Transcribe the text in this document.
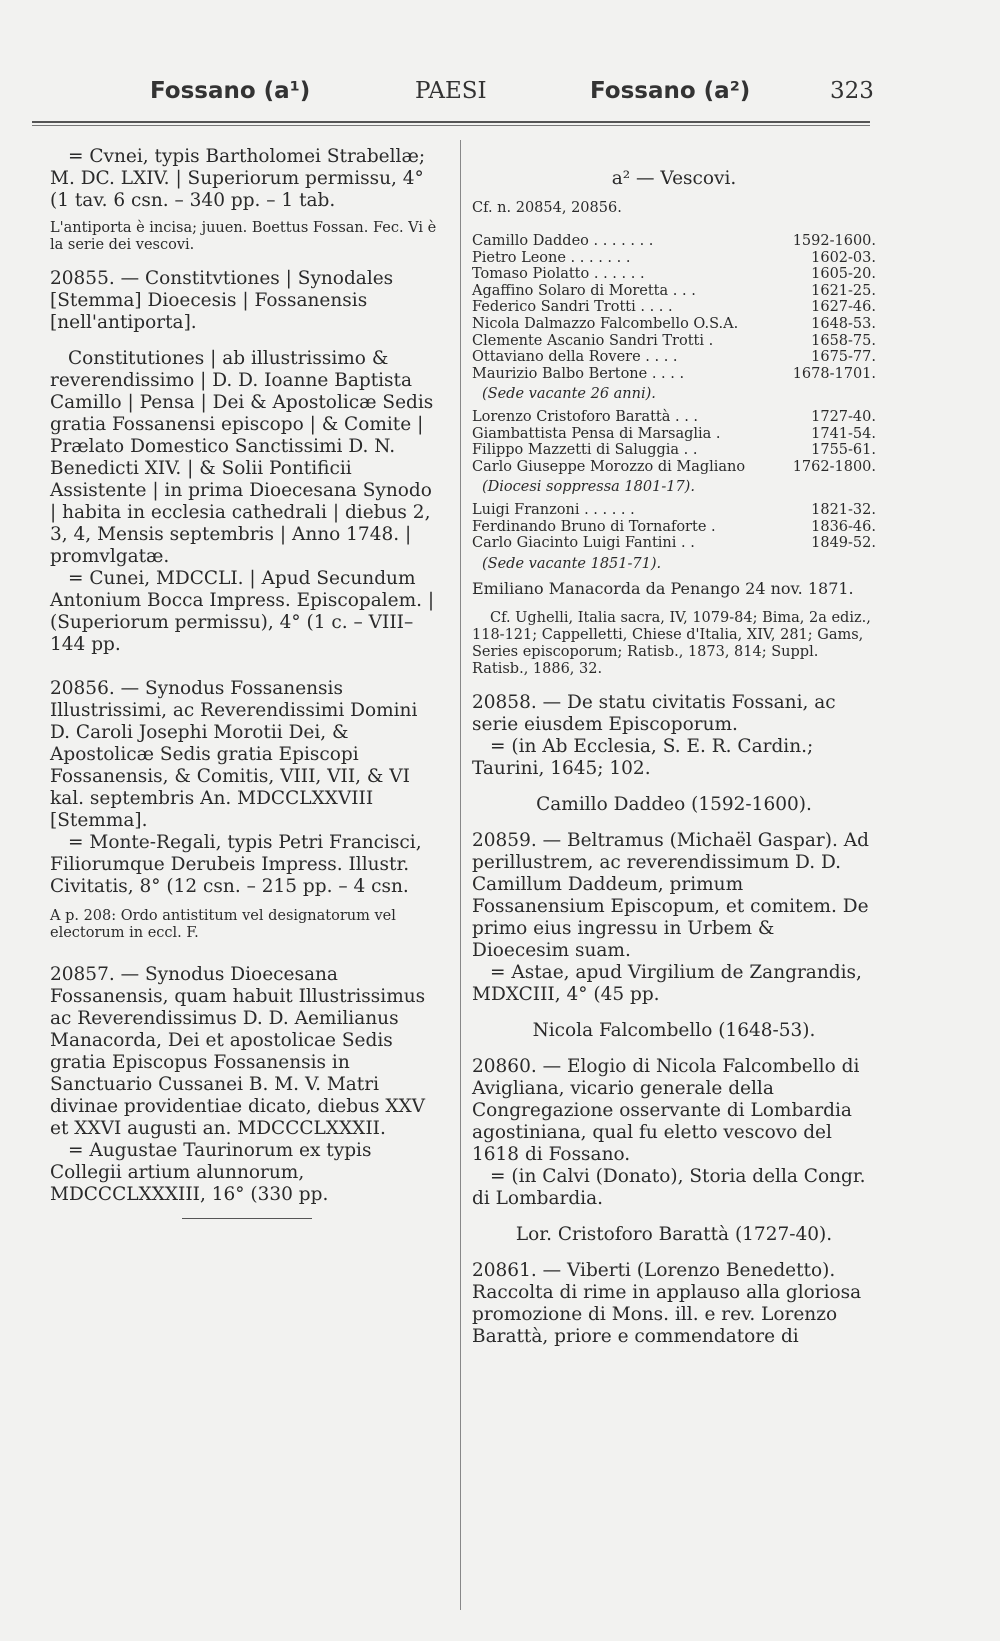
Fossano (a¹)	PAESI	Fossano (a²)	323
= Cvnei, typis Bartholomei Strabellæ; M. DC. LXIV. | Superiorum permissu, 4° (1 tav. 6 csn. – 340 pp. – 1 tab.
L'antiporta è incisa; juuen. Boettus Fossan. Fec. Vi è la serie dei vescovi.
20855. — Constitvtiones | Synodales [Stemma] Dioecesis | Fossanensis [nell'antiporta].
Constitutiones | ab illustrissimo & reverendissimo | D. D. Ioanne Baptista Camillo | Pensa | Dei & Apostolicæ Sedis gratia Fossanensi episcopo | & Comite | Prælato Domestico Sanctissimi D. N. Benedicti XIV. | & Solii Pontificii Assistente | in prima Dioecesana Synodo | habita in ecclesia cathedrali | diebus 2, 3, 4, Mensis septembris | Anno 1748. | promvlgatæ.
= Cunei, MDCCLI. | Apud Secundum Antonium Bocca Impress. Episcopalem. | (Superiorum permissu), 4° (1 c. – VIII–144 pp.
20856. — Synodus Fossanensis Illustrissimi, ac Reverendissimi Domini D. Caroli Josephi Morotii Dei, & Apostolicæ Sedis gratia Episcopi Fossanensis, & Comitis, VIII, VII, & VI kal. septembris An. MDCCLXXVIII [Stemma].
= Monte-Regali, typis Petri Francisci, Filiorumque Derubeis Impress. Illustr. Civitatis, 8° (12 csn. – 215 pp. – 4 csn.
A p. 208: Ordo antistitum vel designatorum vel electorum in eccl. F.
20857. — Synodus Dioecesana Fossanensis, quam habuit Illustrissimus ac Reverendissimus D. D. Aemilianus Manacorda, Dei et apostolicae Sedis gratia Episcopus Fossanensis in Sanctuario Cussanei B. M. V. Matri divinae providentiae dicato, diebus XXV et XXVI augusti an. MDCCCLXXXII.
= Augustae Taurinorum ex typis Collegii artium alunnorum, MDCCCLXXXIII, 16° (330 pp.
a² — Vescovi.
Cf. n. 20854, 20856.
Camillo Daddeo . . . . . . .	1592-1600.
Pietro Leone . . . . . . .	1602-03.
Tomaso Piolatto . . . . . .	1605-20.
Agaffino Solaro di Moretta . . .	1621-25.
Federico Sandri Trotti . . . .	1627-46.
Nicola Dalmazzo Falcombello O.S.A.	1648-53.
Clemente Ascanio Sandri Trotti .	1658-75.
Ottaviano della Rovere . . . .	1675-77.
Maurizio Balbo Bertone . . . .	1678-1701.
(Sede vacante 26 anni).
Lorenzo Cristoforo Barattà . . .	1727-40.
Giambattista Pensa di Marsaglia .	1741-54.
Filippo Mazzetti di Saluggia . .	1755-61.
Carlo Giuseppe Morozzo di Magliano	1762-1800.
(Diocesi soppressa 1801-17).
Luigi Franzoni . . . . . .	1821-32.
Ferdinando Bruno di Tornaforte .	1836-46.
Carlo Giacinto Luigi Fantini . .	1849-52.
(Sede vacante 1851-71).
Emiliano Manacorda da Penango 24 nov. 1871.
Cf. Ughelli, Italia sacra, IV, 1079-84; Bima, 2a ediz., 118-121; Cappelletti, Chiese d'Italia, XIV, 281; Gams, Series episcoporum; Ratisb., 1873, 814; Suppl. Ratisb., 1886, 32.
20858. — De statu civitatis Fossani, ac serie eiusdem Episcoporum.
= (in Ab Ecclesia, S. E. R. Cardin.; Taurini, 1645; 102.
Camillo Daddeo (1592-1600).
20859. — Beltramus (Michaël Gaspar). Ad perillustrem, ac reverendissimum D. D. Camillum Daddeum, primum Fossanensium Episcopum, et comitem. De primo eius ingressu in Urbem & Dioecesim suam.
= Astae, apud Virgilium de Zangrandis, MDXCIII, 4° (45 pp.
Nicola Falcombello (1648-53).
20860. — Elogio di Nicola Falcombello di Avigliana, vicario generale della Congregazione osservante di Lombardia agostiniana, qual fu eletto vescovo del 1618 di Fossano.
= (in Calvi (Donato), Storia della Congr. di Lombardia.
Lor. Cristoforo Barattà (1727-40).
20861. — Viberti (Lorenzo Benedetto). Raccolta di rime in applauso alla gloriosa promozione di Mons. ill. e rev. Lorenzo Barattà, priore e commendatore di
